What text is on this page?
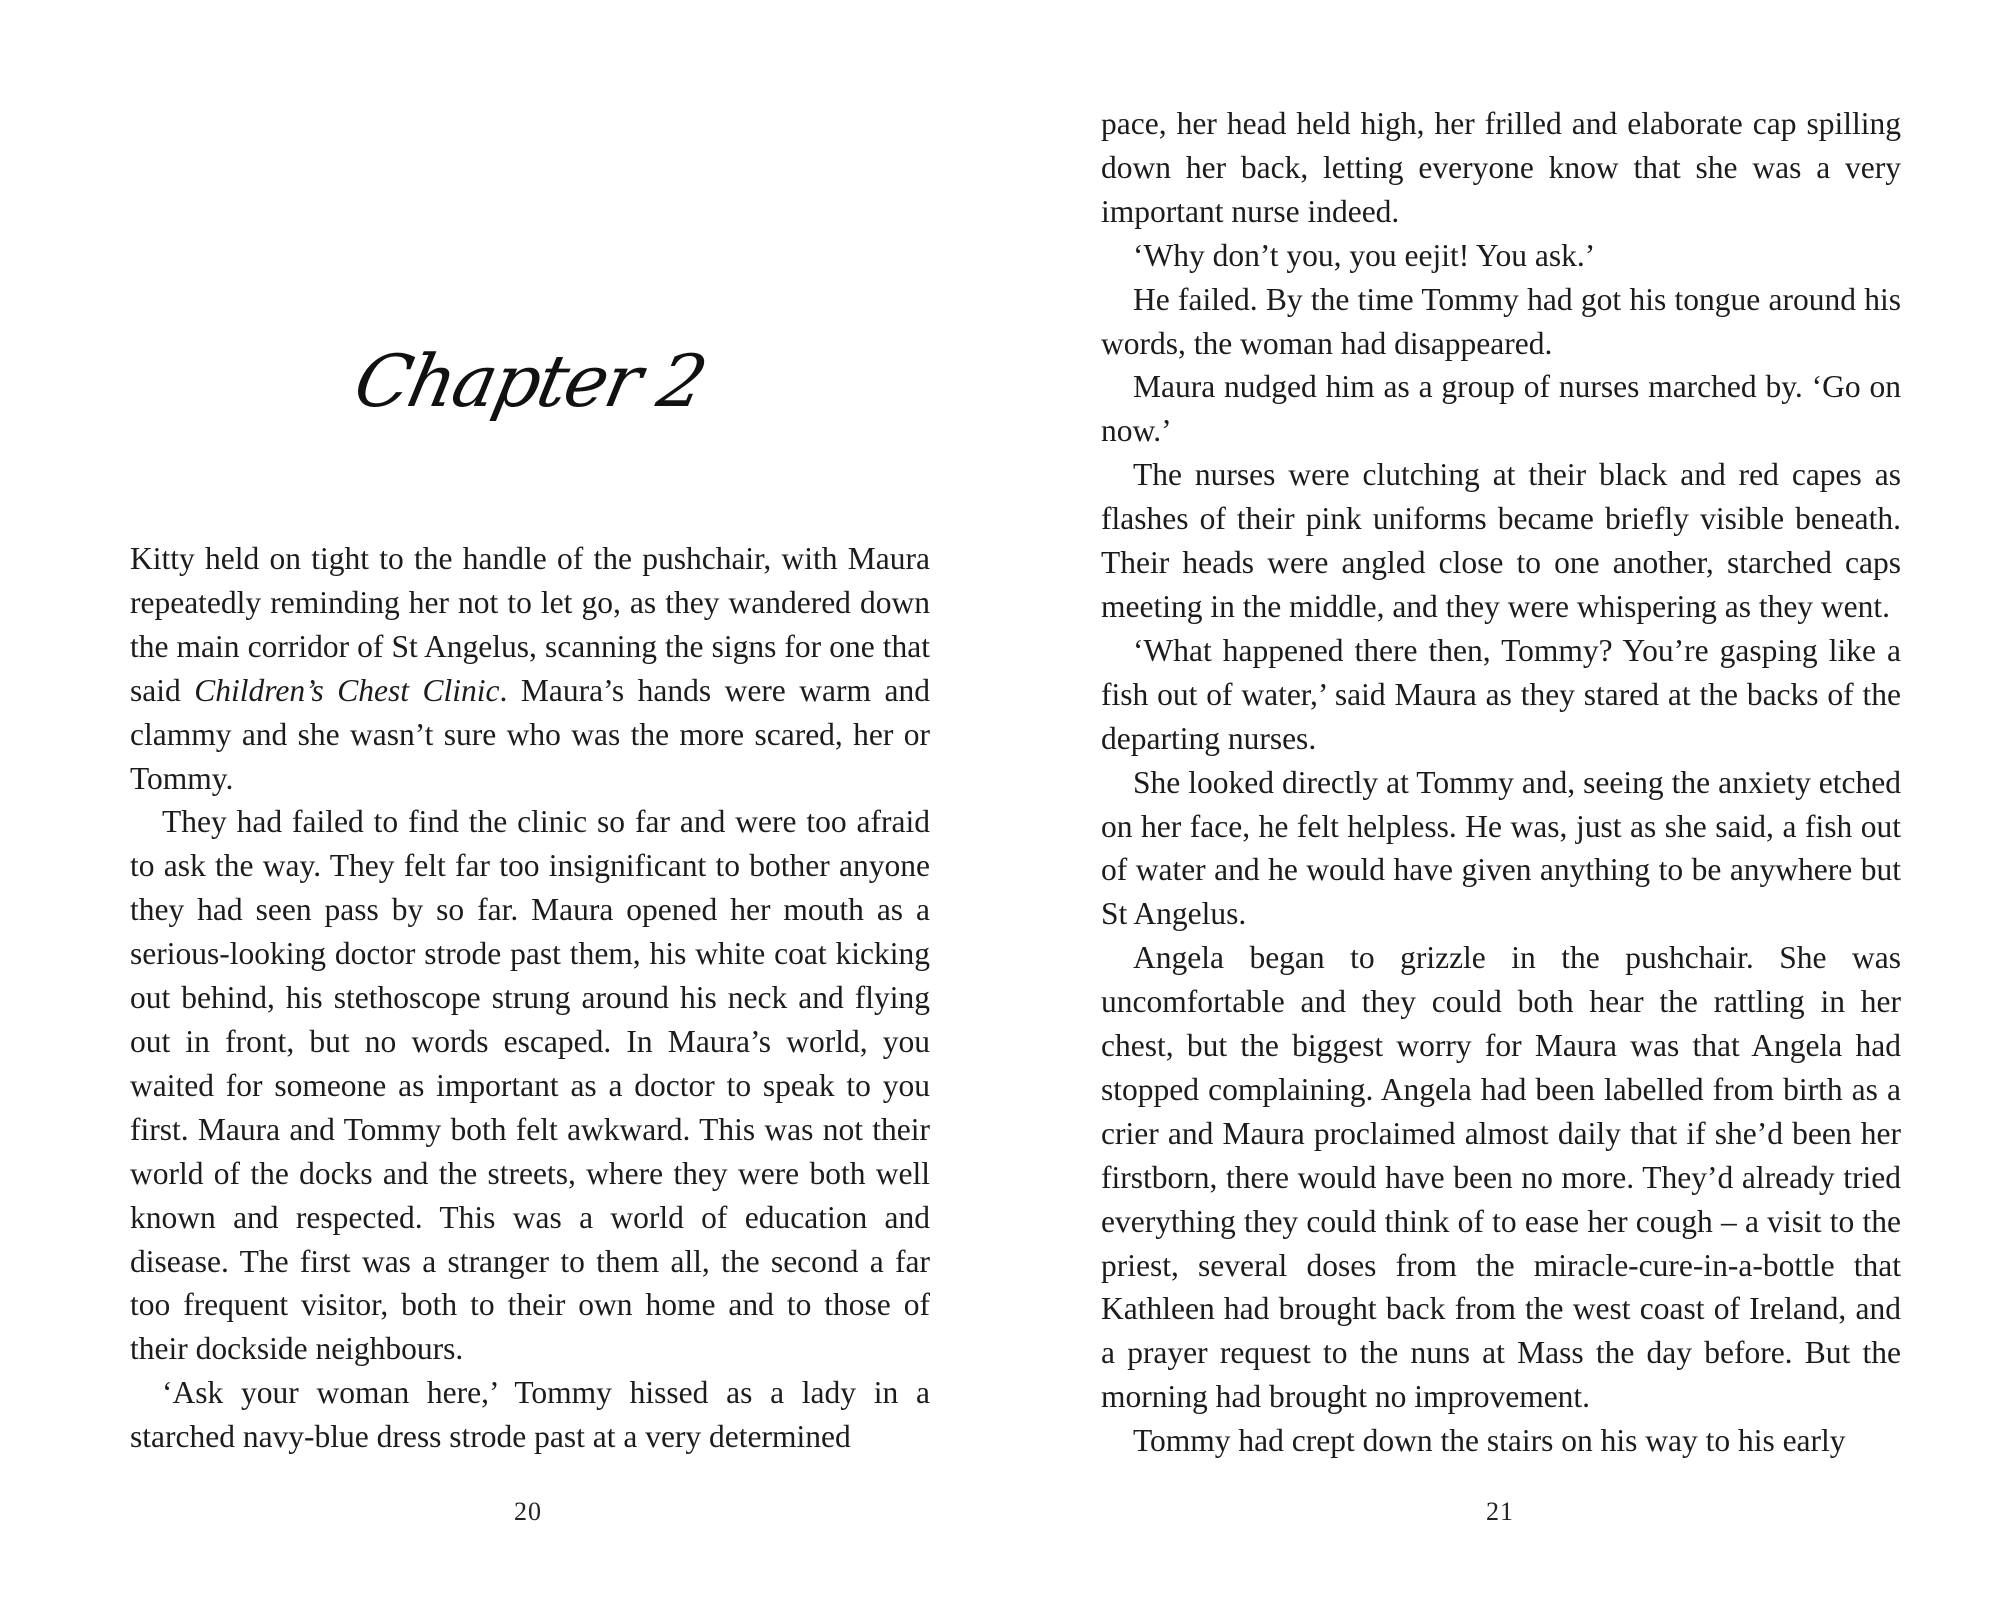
Chapter 2

Kitty held on tight to the handle of the pushchair, with Maura repeatedly reminding her not to let go, as they wandered down the main corridor of St Angelus, scanning the signs for one that said Children’s Chest Clinic. Maura’s hands were warm and clammy and she wasn’t sure who was the more scared, her or Tommy.

They had failed to find the clinic so far and were too afraid to ask the way. They felt far too insignificant to bother anyone they had seen pass by so far. Maura opened her mouth as a serious-looking doctor strode past them, his white coat kicking out behind, his stethoscope strung around his neck and flying out in front, but no words escaped. In Maura’s world, you waited for someone as important as a doctor to speak to you first. Maura and Tommy both felt awkward. This was not their world of the docks and the streets, where they were both well known and respected. This was a world of education and disease. The first was a stranger to them all, the second a far too frequent visitor, both to their own home and to those of their dockside neighbours.

‘Ask your woman here,’ Tommy hissed as a lady in a starched navy-blue dress strode past at a very determined

20

pace, her head held high, her frilled and elaborate cap spilling down her back, letting everyone know that she was a very important nurse indeed.

‘Why don’t you, you eejit! You ask.’

He failed. By the time Tommy had got his tongue around his words, the woman had disappeared.

Maura nudged him as a group of nurses marched by. ‘Go on now.’

The nurses were clutching at their black and red capes as flashes of their pink uniforms became briefly visible beneath. Their heads were angled close to one another, starched caps meeting in the middle, and they were whispering as they went.

‘What happened there then, Tommy? You’re gasping like a fish out of water,’ said Maura as they stared at the backs of the departing nurses.

She looked directly at Tommy and, seeing the anxiety etched on her face, he felt helpless. He was, just as she said, a fish out of water and he would have given anything to be anywhere but St Angelus.

Angela began to grizzle in the pushchair. She was uncomfortable and they could both hear the rattling in her chest, but the biggest worry for Maura was that Angela had stopped complaining. Angela had been labelled from birth as a crier and Maura proclaimed almost daily that if she’d been her firstborn, there would have been no more. They’d already tried everything they could think of to ease her cough – a visit to the priest, several doses from the miracle-cure-in-a-bottle that Kathleen had brought back from the west coast of Ireland, and a prayer request to the nuns at Mass the day before. But the morning had brought no improvement.

Tommy had crept down the stairs on his way to his early

21
